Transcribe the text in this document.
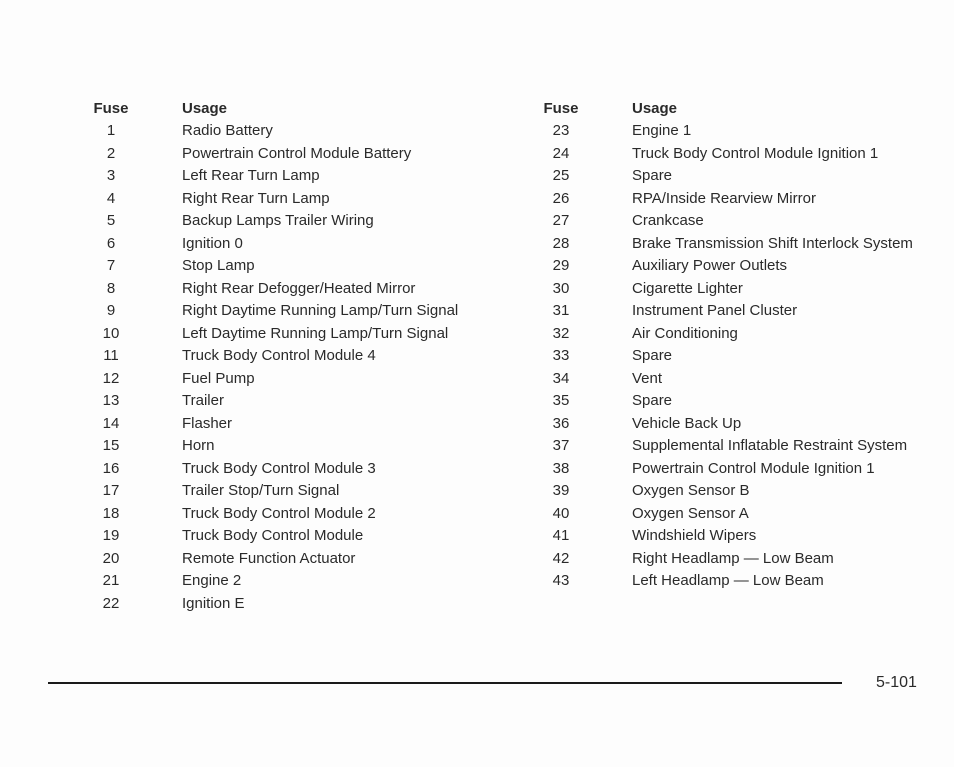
Fuse	Usage
1	Radio Battery
2	Powertrain Control Module Battery
3	Left Rear Turn Lamp
4	Right Rear Turn Lamp
5	Backup Lamps Trailer Wiring
6	Ignition 0
7	Stop Lamp
8	Right Rear Defogger/Heated Mirror
9	Right Daytime Running Lamp/Turn Signal
10	Left Daytime Running Lamp/Turn Signal
11	Truck Body Control Module 4
12	Fuel Pump
13	Trailer
14	Flasher
15	Horn
16	Truck Body Control Module 3
17	Trailer Stop/Turn Signal
18	Truck Body Control Module 2
19	Truck Body Control Module
20	Remote Function Actuator
21	Engine 2
22	Ignition E
Fuse	Usage
23	Engine 1
24	Truck Body Control Module Ignition 1
25	Spare
26	RPA/Inside Rearview Mirror
27	Crankcase
28	Brake Transmission Shift Interlock System
29	Auxiliary Power Outlets
30	Cigarette Lighter
31	Instrument Panel Cluster
32	Air Conditioning
33	Spare
34	Vent
35	Spare
36	Vehicle Back Up
37	Supplemental Inflatable Restraint System
38	Powertrain Control Module Ignition 1
39	Oxygen Sensor B
40	Oxygen Sensor A
41	Windshield Wipers
42	Right Headlamp — Low Beam
43	Left Headlamp — Low Beam
5-101
